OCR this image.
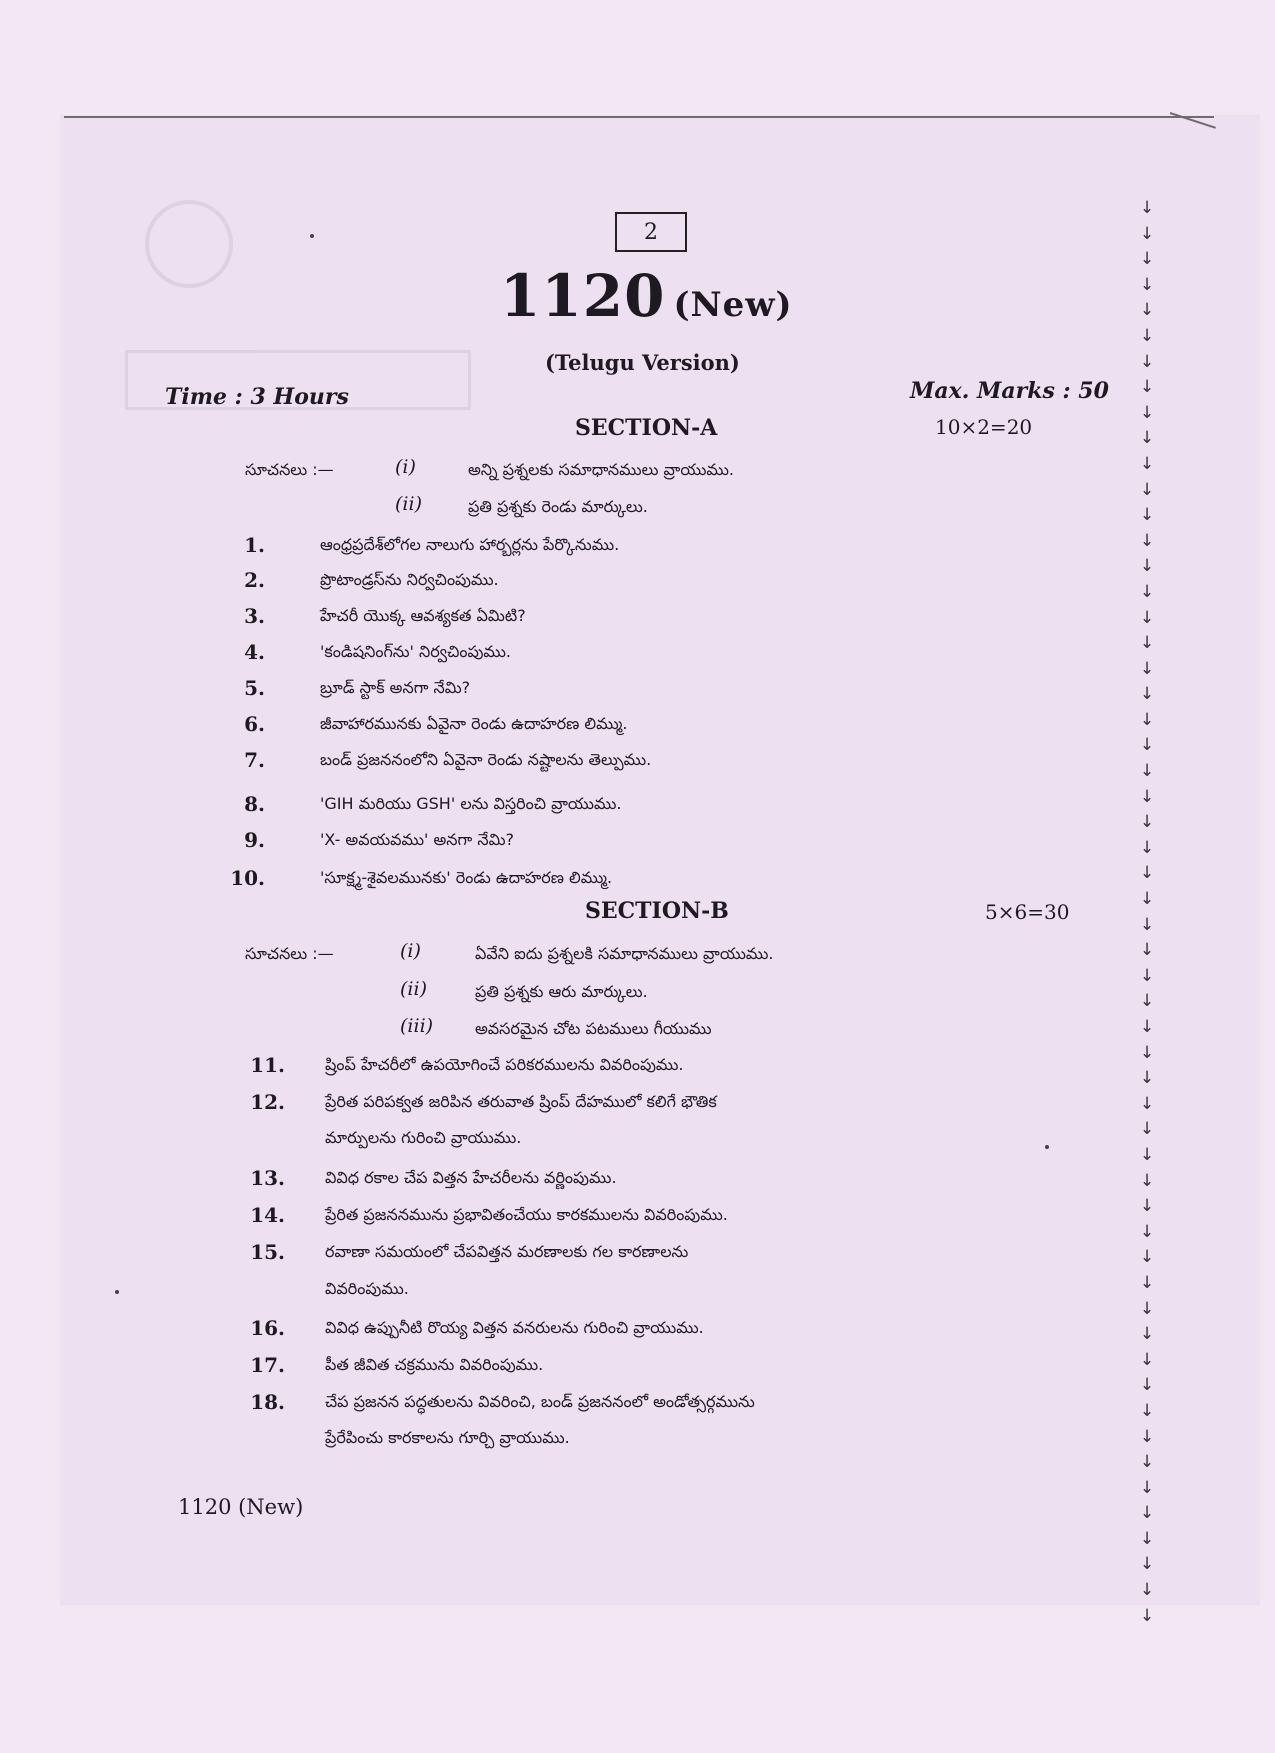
2
1120 (New)
(Telugu Version)
Time : 3 Hours	Max. Marks : 50
SECTION-A	10×2=20
సూచనలు :—	(i)	అన్ని ప్రశ్నలకు సమాధానములు వ్రాయుము.
(ii)	ప్రతి ప్రశ్నకు రెండు మార్కులు.
1.	ఆంధ్రప్రదేశ్‌లోగల నాలుగు హార్బర్లను పేర్కొనుము.
2.	ప్రొటాండ్రస్‌ను నిర్వచింపుము.
3.	హేచరీ యొక్క ఆవశ్యకత ఏమిటి?
4.	'కండిషనింగ్‌ను' నిర్వచింపుము.
5.	బ్రూడ్ స్టాక్ అనగా నేమి?
6.	జీవాహారమునకు ఏవైనా రెండు ఉదాహరణ లిమ్ము.
7.	బండ్ ప్రజననంలోని ఏవైనా రెండు నష్టాలను తెల్పుము.
8.	'GIH మరియు GSH' లను విస్తరించి వ్రాయుము.
9.	'X- అవయవము' అనగా నేమి?
10.	'సూక్ష్మ-శైవలమునకు' రెండు ఉదాహరణ లిమ్ము.
SECTION-B	5×6=30
సూచనలు :—	(i)	ఏవేని ఐదు ప్రశ్నలకి సమాధానములు వ్రాయుము.
(ii)	ప్రతి ప్రశ్నకు ఆరు మార్కులు.
(iii)	అవసరమైన చోట పటములు గీయుము
11.	ష్రింప్ హేచరీలో ఉపయోగించే పరికరములను వివరింపుము.
12.	ప్రేరిత పరిపక్వత జరిపిన తరువాత ష్రింప్ దేహములో కలిగే భౌతిక
మార్పులను గురించి వ్రాయుము.
13.	వివిధ రకాల చేప విత్తన హేచరీలను వర్ణింపుము.
14.	ప్రేరిత ప్రజననమును ప్రభావితంచేయు కారకములను వివరింపుము.
15.	రవాణా సమయంలో చేపవిత్తన మరణాలకు గల కారణాలను
వివరింపుము.
16.	వివిధ ఉప్పునీటి రొయ్య విత్తన వనరులను గురించి వ్రాయుము.
17.	పీత జీవిత చక్రమును వివరింపుము.
18.	చేప ప్రజనన పద్ధతులను వివరించి, బండ్ ప్రజననంలో అండోత్సర్గమును
ప్రేరేపించు కారకాలను గూర్చి వ్రాయుము.
1120 (New)
↓
↓
↓
↓
↓
↓
↓
↓
↓
↓
↓
↓
↓
↓
↓
↓
↓
↓
↓
↓
↓
↓
↓
↓
↓
↓
↓
↓
↓
↓
↓
↓
↓
↓
↓
↓
↓
↓
↓
↓
↓
↓
↓
↓
↓
↓
↓
↓
↓
↓
↓
↓
↓
↓
↓
↓
